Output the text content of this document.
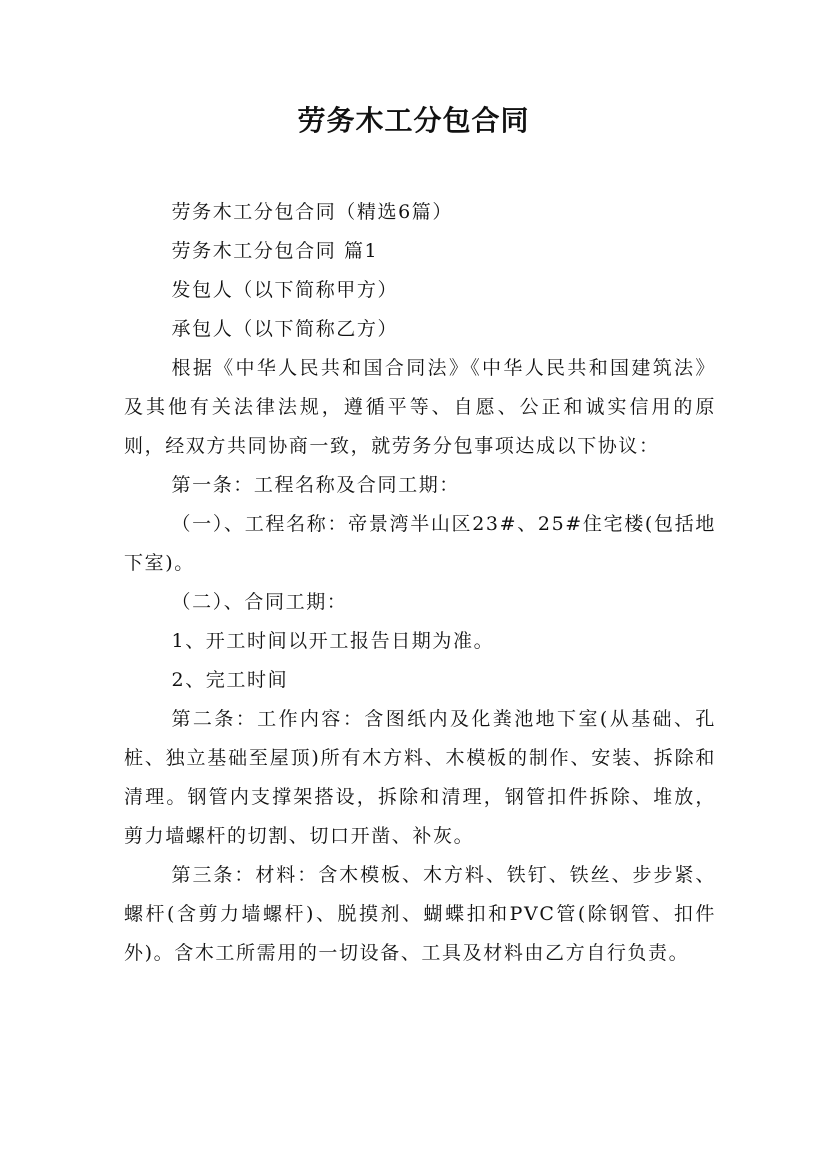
劳务木工分包合同

劳务木工分包合同（精选6篇）

劳务木工分包合同 篇1

发包人（以下简称甲方）

承包人（以下简称乙方）

根据《中华人民共和国合同法》《中华人民共和国建筑法》及其他有关法律法规，遵循平等、自愿、公正和诚实信用的原则，经双方共同协商一致，就劳务分包事项达成以下协议：

第一条：工程名称及合同工期：

（一）、工程名称：帝景湾半山区23#、25#住宅楼(包括地下室)。

（二）、合同工期：

1、开工时间以开工报告日期为准。

2、完工时间

第二条：工作内容：含图纸内及化粪池地下室(从基础、孔桩、独立基础至屋顶)所有木方料、木模板的制作、安装、拆除和清理。钢管内支撑架搭设，拆除和清理，钢管扣件拆除、堆放，剪力墙螺杆的切割、切口开凿、补灰。

第三条：材料：含木模板、木方料、铁钉、铁丝、步步紧、螺杆(含剪力墙螺杆)、脱摸剂、蝴蝶扣和PVC管(除钢管、扣件外)。含木工所需用的一切设备、工具及材料由乙方自行负责。
